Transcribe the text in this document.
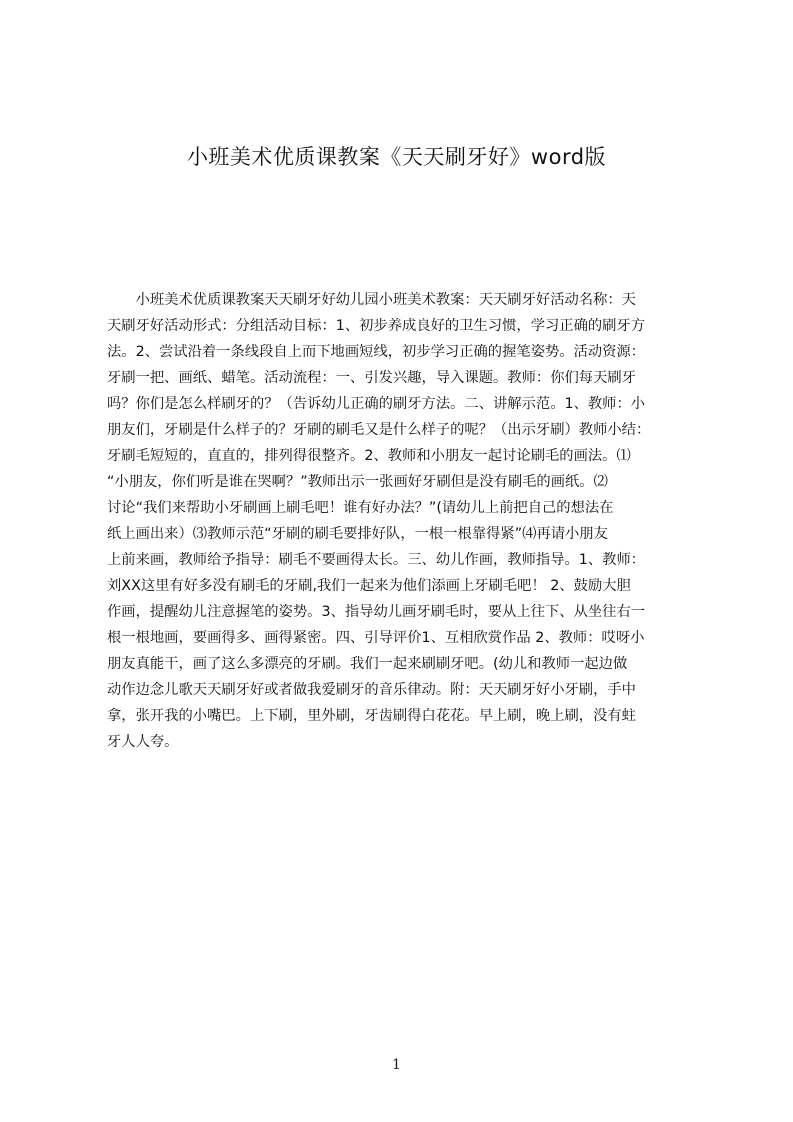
小班美术优质课教案《天天刷牙好》word版
　　小班美术优质课教案天天刷牙好幼儿园小班美术教案：天天刷牙好活动名称：天
天刷牙好活动形式：分组活动目标：1、初步养成良好的卫生习惯，学习正确的刷牙方
法。2、尝试沿着一条线段自上而下地画短线，初步学习正确的握笔姿势。活动资源：
牙刷一把、画纸、蜡笔。活动流程：一、引发兴趣，导入课题。教师：你们每天刷牙
吗？你们是怎么样刷牙的？（告诉幼儿正确的刷牙方法。二、讲解示范。1、教师：小
朋友们，牙刷是什么样子的？牙刷的刷毛又是什么样子的呢？（出示牙刷）教师小结：
牙刷毛短短的，直直的，排列得很整齐。2、教师和小朋友一起讨论刷毛的画法。⑴
“小朋友，你们听是谁在哭啊？”教师出示一张画好牙刷但是没有刷毛的画纸。⑵
讨论“我们来帮助小牙刷画上刷毛吧！谁有好办法？”(请幼儿上前把自己的想法在
纸上画出来）⑶教师示范“牙刷的刷毛要排好队，一根一根靠得紧”⑷再请小朋友
上前来画，教师给予指导：刷毛不要画得太长。三、幼儿作画，教师指导。1、教师：
刘XX这里有好多没有刷毛的牙刷,我们一起来为他们添画上牙刷毛吧！ 2、鼓励大胆
作画，提醒幼儿注意握笔的姿势。3、指导幼儿画牙刷毛时，要从上往下、从坐往右一
根一根地画，要画得多、画得紧密。四、引导评价1、互相欣赏作品 2、教师：哎呀小
朋友真能干，画了这么多漂亮的牙刷。我们一起来刷刷牙吧。(幼儿和教师一起边做
动作边念儿歌天天刷牙好或者做我爱刷牙的音乐律动。附：天天刷牙好小牙刷，手中
拿，张开我的小嘴巴。上下刷，里外刷，牙齿刷得白花花。早上刷，晚上刷，没有蛀
牙人人夸。
1
